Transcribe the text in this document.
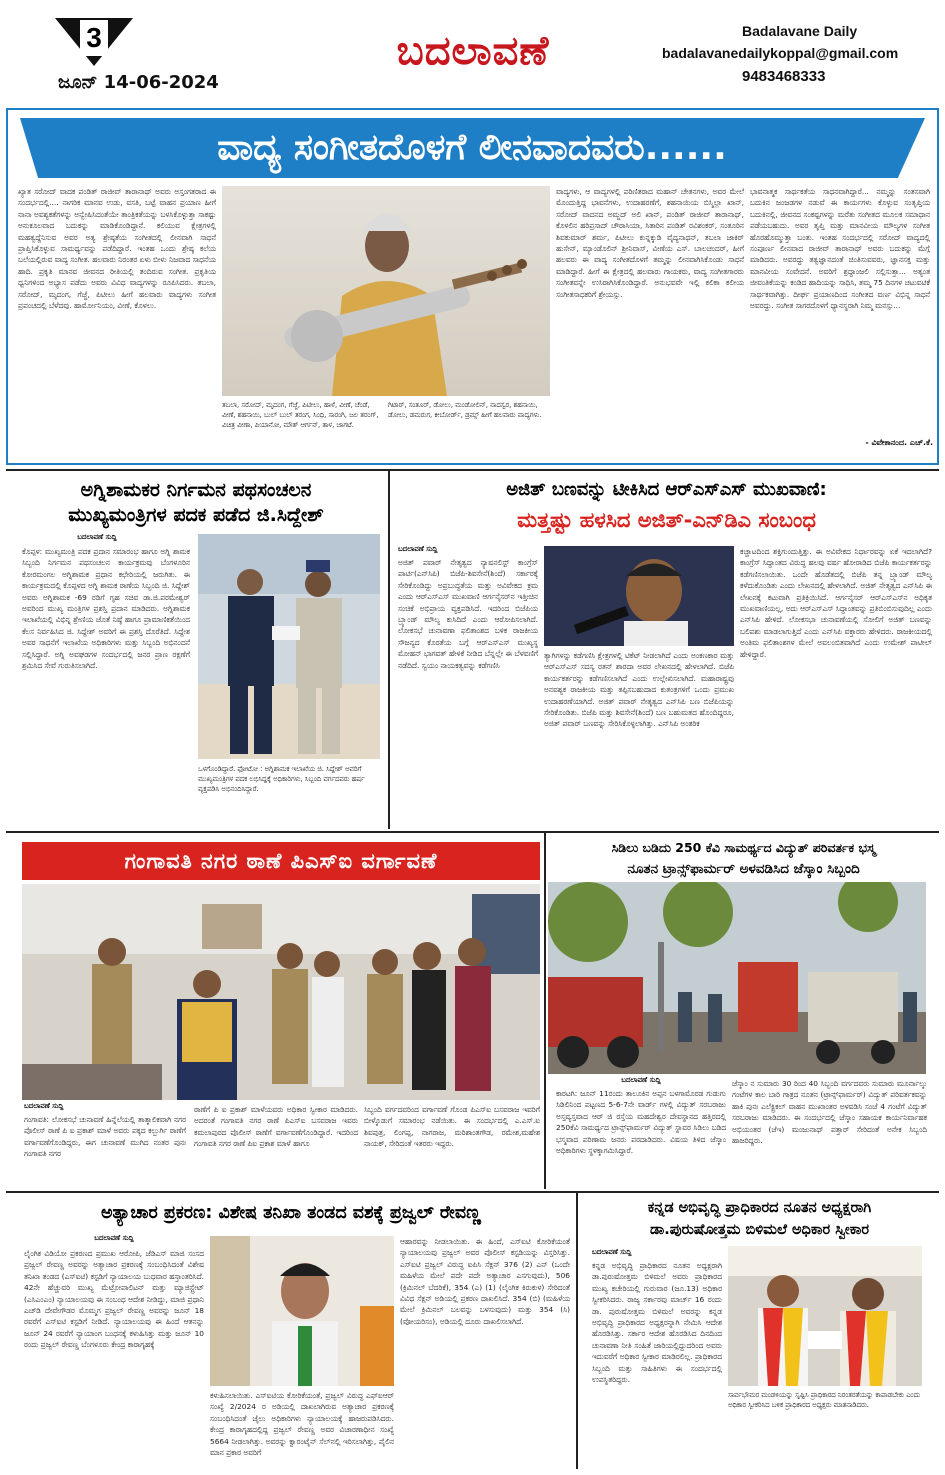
3
ಜೂನ್ 14-06-2024
ಬದಲಾವಣೆ	Badalavane Daily
badalavanedailykoppal@gmail.com
9483468333
ವಾದ್ಯ ಸಂಗೀತದೊಳಗೆ ಲೀನವಾದವರು......
ಖ್ಯಾತ ಸರೋದ್ ವಾದಕ ಪಂಡಿತ್ ರಾಜೀವ್ ತಾರಾನಾಥ್ ಅವರು ಅಸ್ತಂಗತರಾದ ಈ ಸಂದರ್ಭದಲ್ಲಿ.... ನಾಗರಿಕ ಮಾನವ ಉಡು, ವಸತಿ, ಬಟ್ಟೆ ವಾಹನ ಪ್ರಯಾಣ ಹೀಗೆ ನಾನಾ ಅವಶ್ಯಕತೆಗಳನ್ನು ಅನ್ವೇಷಿಸಿದಂತೆಯೇ ತಾಂತ್ರಿಕತೆಯನ್ನು ಬಳಸಿಕೊಳ್ಳುತ್ತಾ ಸಾಕಷ್ಟು ಅನುಕೂಲವಾದ ಬದುಕನ್ನು ಮಾಡಿಕೊಂಡಿದ್ದಾನೆ. ಕಲಿಯುವ ಕ್ಷೇತ್ರಗಳಲ್ಲಿ ಮಹತ್ವದ್ದೆನಿಸುವ ಅವರ ಅತ್ಯ ಶ್ರೇಷ್ಠತೆಯ ಸಂಗೀತದಲ್ಲಿ ಲೀನವಾಗಿ ಸಾಧನೆ ಪ್ರಾಪ್ತಿಸಿಕೊಳ್ಳುವ ಸಾಮರ್ಥ್ಯವನ್ನು ಪಡೆದಿದ್ದಾರೆ. ಇಂತಹ ಒಂದು ಶ್ರೇಷ್ಠ ಕಲೆಯ ಬಲೆಯಲ್ಲಿರುವ ವಾದ್ಯ ಸಂಗೀತ. ಹಲವಾರು ನಿರಂತರ ಏಳು ಬೀಳು ನಿಜವಾದ ಸಾಧನೆಯ ಹಾದಿ. ಪ್ರಕೃತಿ ಮಾನವ ಜೀವನದ ರೀತಿಯಲ್ಲಿ ತಂದಿರುವ ಸಂಗೀತ. ಪ್ರಕೃತಿಯ ಧ್ವನಿಗಳಿಂದ ಅಭ್ಯಾಸ ಪಡೆದು ಅವರು ವಿವಿಧ ವಾದ್ಯಗಳನ್ನು ರೂಪಿಸಿದರು. ತಬಲಾ, ಸರೋದ್, ಮೃದಂಗ, ಗೆಜ್ಜೆ, ಪಿಟೀಲು ಹೀಗೆ ಹಲವಾರು ವಾದ್ಯಗಳು ಸಂಗೀತ ಪ್ರಪಂಚದಲ್ಲಿ ಬೆಳೆದವು. ಹಾರ್ಮೋನಿಯಂ, ವೀಣೆ, ಕೊಳಲು.
ತಬಲಾ, ಸರೋದ್, ಮೃದಂಗ, ಗೆಜ್ಜೆ, ಪಿಟೀಲು, ಹಾಳೆ, ವೀಣೆ, ಚೆಂಡೆ, ವೀಣೆ, ಶಹನಾಯಿ, ಬುಲ್ ಬುಲ್ ತರಂಗ, ಸಿಂಧಿ, ಸಾರಂಗಿ, ಜಲ ತರಂಗ್, ವಿಚಿತ್ರ ವೀಣಾ, ಪಿಯಾನೋ, ಮೌತ್ ಆರ್ಗನ್, ತಾಳ, ಜಾಗಟೆ.
ಗಿಟಾರ್, ಸಂತೂರ್, ಡೋಲು, ಮಂಡೋಲಿನ್, ನಾದಸ್ವರ, ಶಹನಾಯಿ, ಡೋಲು, ಡಮರುಗ, ಕೀಬೋರ್ಡ್, ಡ್ರಮ್ಸ್ ಹೀಗೆ ಹಲವಾರು ವಾದ್ಯಗಳು.
ವಾದ್ಯಗಳು, ಆ ವಾದ್ಯಗಳಲ್ಲಿ ಪರಿಣಿತರಾದ ಮಹಾನ್ ಚೇತನಗಳು, ಅವರ ಮೇಲೆ ಮೊಂದುತ್ತಿದ್ದ ಭಾವನೆಗಳು, ಉದಾಹರಣೆಗೆ, ಶಹನಾಯಿಯ ಬಿಸ್ಮಿಲ್ಲಾ ಖಾನ್, ಸರೋದ್ ವಾದನದ ಅಮ್ಜದ್ ಅಲಿ ಖಾನ್, ಪಂಡಿತ್ ರಾಜೀವ್ ತಾರಾನಾಥ್, ಕೊಳಲಿನ ಹರಿಪ್ರಸಾದ್ ಚೌರಾಸಿಯಾ, ಸಿತಾರಿನ ಪಂಡಿತ್ ರವಿಶಂಕರ್, ಸಂತೂರಿನ ಶಿವಕುಮಾರ್ ಶರ್ಮ, ಪಿಟೀಲು ಕುನ್ನಕ್ಕುಡಿ ವೈದ್ಯನಾಥನ್, ತಬಲಾ ಜಾಕಿರ್ ಹುಸೇನ್, ಮ್ಯಾಂಡೊಲಿನ್ ಶ್ರೀನಿವಾಸ್, ವೀಣೆಯ ಎಸ್. ಬಾಲಚಂದರ್, ಹೀಗೆ ಹಲವರು ಈ ವಾದ್ಯ ಸಂಗೀತದೊಳಗೆ ತಮ್ಮನ್ನು ಲೀನವಾಗಿಸಿಕೊಂಡು ಸಾಧನೆ ಮಾಡಿದ್ದಾರೆ. ಹೀಗೆ ಈ ಕ್ಷೇತ್ರದಲ್ಲಿ ಹಲವಾರು ಗಾಯಕರು, ವಾದ್ಯ ಸಂಗೀತಗಾರರು ಸಂಗೀತವನ್ನೇ ಉಸಿರಾಗಿಸಿಕೊಂಡಿದ್ದಾರೆ. ಅನುಭವವೇ ಇಲ್ಲಿ ಕಲಿಕಾ ಕಲೀಯ ಸಂಗೀತಸಾಧಕರಿಗೆ ಶ್ರೇಯಸ್ಸು.
ಭಾವನಾತ್ಮಕ ಸಾರ್ಥಕತೆಯ ಸಾಧನವಾಗಿದ್ದಾರೆ... ನಮ್ಮನ್ನು ಸಂತಸವಾಗಿ ಬದುಕಿನ ಜಂಜಡಗಳ ನಡುವೆ ಈ ಕಾರ್ಯಗಳು ಕೊಳ್ಳುವ ಸಂತೃಪ್ತಿಯ ಬದುಕಿನಲ್ಲಿ, ಜೀವನದ ಸಂಕಷ್ಟಗಳನ್ನು ಮರೆತು ಸಂಗೀತದ ಮೂಲಕ ಸಮಾಧಾನ ಪಡೆಯಬಹುದು. ಅವರ ತೃಪ್ತಿ ಮತ್ತು ಮಾನವೀಯ ಮೌಲ್ಯಗಳ ಸಂಗೀತ ಹೊರಹೊಮ್ಮುತ್ತಾ ಬಂತು. ಇಂತಹ ಸಂದರ್ಭದಲ್ಲಿ ಸರೋದ್ ವಾದ್ಯದಲ್ಲಿ ಸಂಪೂರ್ಣ ಲೀನವಾದ ರಾಜೀವ್ ತಾರಾನಾಥ್ ಅವರು ಬದುಕನ್ನು ಮೆಗ್ಗೆ ಮಾಡಿದರು. ಅವರದ್ದು ತತ್ವಜ್ಞಾನದಂತೆ ಚಿಂತಿಸುವವರು, ಜ್ಞಾನಸಕ್ತ ಮತ್ತು ಮಾನವೀಯ ಸಂವೇದನೆ. ಅವರಿಗೆ ಶ್ರದ್ಧಾಂಜಲಿ ಸಲ್ಲಿಸುತ್ತಾ... ಅತ್ಯಂತ ಜೀವಂತಿಕೆಯನ್ನು ಕಂಡಿದ ಹಾದಿಯನ್ನು ಸಾಧಿಸಿ, ತಮ್ಮ 75 ದಿನಗಳ ಚಟುವಟಿಕೆ ಸಾರ್ಥಕವಾಗಿತ್ತು. ದೀರ್ಘ ಪ್ರಯಾಣದಿಂದ ಸಂಗೀತದ ವರ್ಣ ವಿಭಿನ್ನ ಸಾಧನೆ ಅವರದ್ದು. ಸಂಗೀತ ಸಾಗರದೊಳಗೆ ಧ್ಯಾನಸ್ಥರಾಗಿ ನಿಮ್ಮ ಮನಸ್ಸು...
- ವಿವೇಕಾನಂದ. ಎಚ್.ಕೆ.
ಅಗ್ನಿಶಾಮಕರ ನಿರ್ಗಮನ ಪಥಸಂಚಲನ
ಮುಖ್ಯಮಂತ್ರಿಗಳ ಪದಕ ಪಡೆದ ಜಿ.ಸಿದ್ದೇಶ್
ಬದಲಾವಣೆ ಸುದ್ದಿ
ಕೊಪ್ಪಳ: ಮುಖ್ಯಮಂತ್ರಿ ಪದಕ ಪ್ರದಾನ ಸಮಾರಂಭ ಹಾಗೂ ಅಗ್ನಿ ಶಾಮಕ ಸಿಬ್ಬಂದಿ ನಿರ್ಗಮನ ಪಥಸಂಚಲನ ಕಾರ್ಯಕ್ರಮವು ಬೆಂಗಳೂರಿನ ಕೋರಮಂಗಲ ಅಗ್ನಿಶಾಮಕ ಪ್ರಧಾನ ಕಛೇರಿಯಲ್ಲಿ ಜರುಗಿತು. ಈ ಕಾರ್ಯಕ್ರಮದಲ್ಲಿ ಕೊಪ್ಪಳದ ಅಗ್ನಿ ಶಾಮಕ ಠಾಣೆಯ ಸಿಬ್ಬಂದಿ ಜಿ. ಸಿದ್ದೇಶ್ ಅವರು ಅಗ್ನಿಶಾಮಕ -69 ರಡಿಗೆ ಗೃಹ ಸಚಿವ ಡಾ.ಜಿ.ಪರಮೇಶ್ವರ್ ಅವರಿಂದ ಮುಖ್ಯ ಮಂತ್ರಿಗಳ ಪ್ರಶಸ್ತಿ ಪ್ರದಾನ ಮಾಡಿದರು. ಅಗ್ನಿಶಾಮಕ ಇಲಾಖೆಯಲ್ಲಿ ವಿಭಿನ್ನ ಶ್ರೇಣಿಯ ಜೊತೆ ನಿಷ್ಠೆ ಹಾಗೂ ಪ್ರಾಮಾಣಿಕತೆಯಿಂದ ಕೆಲಸ ನಿರ್ವಹಿಸಿದ ಜಿ. ಸಿದ್ದೇಶ್ ಅವರಿಗೆ ಈ ಪ್ರಶಸ್ತಿ ದೊರೆತಿದೆ. ಸಿದ್ದೇಶ ಅವರ ಸಾಧನೆಗೆ ಇಲಾಖೆಯ ಅಧಿಕಾರಿಗಳು ಮತ್ತು ಸಿಬ್ಬಂದಿ ಅಭಿನಂದನೆ ಸಲ್ಲಿಸಿದ್ದಾರೆ. ಅಗ್ನಿ ಅವಘಡಗಳ ಸಂದರ್ಭದಲ್ಲಿ ಜನರ ಪ್ರಾಣ ರಕ್ಷಣೆಗೆ ಶ್ರಮಿಸಿದ ಸೇವೆ ಗುರುತಿಸಲಾಗಿದೆ.
ಒಳಗೊಂಡಿದ್ದಾರೆ. ಫೋಟೋ : ಅಗ್ನಿಶಾಮಕ ಇಲಾಖೆಯ ಜಿ. ಸಿದ್ದೇಶ್ ಅವರಿಗೆ ಮುಖ್ಯಮಂತ್ರಿಗಳ ಪದಕ ಲಭಿಸಿದ್ದಕ್ಕೆ ಅಧಿಕಾರಿಗಳು, ಸಿಬ್ಬಂದಿ ವರ್ಗದವರು ಹರ್ಷ ವ್ಯಕ್ತಪಡಿಸಿ ಅಭಿನಂದಿಸಿದ್ದಾರೆ.
ಅಜಿತ್ ಬಣವನ್ನು ಟೀಕಿಸಿದ ಆರ್‌ಎಸ್‌ಎಸ್ ಮುಖವಾಣಿ:
ಮತ್ತಷ್ಟು ಹಳಸಿದ ಅಜಿತ್-ಎನ್‌ಡಿಎ ಸಂಬಂಧ
ಬದಲಾವಣೆ ಸುದ್ದಿ
ಅಜಿತ್ ಪವಾರ್ ನೇತೃತ್ವದ ನ್ಯಾಷನಲಿಸ್ಟ್ ಕಾಂಗ್ರೆಸ್ ಪಾರ್ಟಿ(ಎನ್‌ಸಿಪಿ) ಬಿಜೆಪಿ-ಶಿವಸೇನೆ(ಶಿಂದೆ) ಸರ್ಕಾರಕ್ಕೆ ಸೇರಿಕೊಂಡಿದ್ದು ಅಪ್ರಬುದ್ಧತೆಯ ಮತ್ತು ಅವಿವೇಕದ ಕ್ರಮ ಎಂದು ಆರ್‌ಎಸ್‌ಎಸ್ ಮುಖವಾಣಿ ಆರ್ಗನೈಸರ್‌ನ ಇತ್ತೀಚಿನ ಸಂಚಿಕೆ ಅಭಿಪ್ರಾಯ ವ್ಯಕ್ತಪಡಿಸಿದೆ. ಇದರಿಂದ ಬಿಜೆಪಿಯ ಬ್ರ್ಯಾಂಡ್ ಮೌಲ್ಯ ಕುಸಿದಿದೆ ಎಂದು ಆರೋಪಿಸಲಾಗಿದೆ. ಲೋಕಸಭೆ ಚುನಾವಣಾ ಫಲಿತಾಂಶದ ಬಳಿಕ ರಾಜಕೀಯ ಸೌಜನ್ಯದ ಕೊರತೆಯ ಬಗ್ಗೆ ಆರ್‌ಎಸ್‌ಎಸ್ ಮುಖ್ಯಸ್ಥ ಮೋಹನ್ ಭಾಗವತ್ ಹೇಳಿಕೆ ನೀಡಿದ ಬೆನ್ನಲ್ಲೇ ಈ ಬೆಳವಣಿಗೆ ನಡೆದಿದೆ. ಸ್ವಯಂ ನಾಯಕತ್ವವನ್ನು ಕಡೆಗಣಿಸಿ
ತ್ಯಾಗಿಗಳನ್ನು ಕಡೆಗಣಿಸಿ ಕ್ಷೇತ್ರಗಳಲ್ಲಿ ಟಿಕೆಟ್ ನೀಡಲಾಗಿದೆ ಎಂದು ಅಂಕಣಕಾರ ಮತ್ತು ಆರ್‌ಎಸ್‌ಎಸ್ ಸದಸ್ಯ ರತನ್ ಶಾರದಾ ಅವರ ಲೇಖನದಲ್ಲಿ ಹೇಳಲಾಗಿದೆ. ಬಿಜೆಪಿ ಕಾರ್ಯಕರ್ತರನ್ನು ಕಡೆಗಣಿಸಲಾಗಿದೆ ಎಂದು ಉಲ್ಲೇಖಿಸಲಾಗಿದೆ. ಮಹಾರಾಷ್ಟ್ರವು ಅನವಶ್ಯಕ ರಾಜಕೀಯ ಮತ್ತು ತಪ್ಪಿಸಬಹುದಾದ ಕುತಂತ್ರಗಳಿಗೆ ಒಂದು ಪ್ರಮುಖ ಉದಾಹರಣೆಯಾಗಿದೆ. ಅಜಿತ್ ಪವಾರ್ ನೇತೃತ್ವದ ಎನ್‌ಸಿಪಿ ಬಣ ಬಿಜೆಪಿಯನ್ನು ಸೇರಿಕೊಂಡಿತು. ಬಿಜೆಪಿ ಮತ್ತು ಶಿವಸೇನೆ(ಶಿಂದೆ) ಬಣ ಬಹುಮತದ ಹೊಂದಿದ್ದರೂ, ಅಜಿತ್ ಪವಾರ್ ಬಣವನ್ನು ಸೇರಿಸಿಕೊಳ್ಳಲಾಗಿತ್ತು. ಎನ್‌ಸಿಪಿ ಅಂತರಿಕ
ಕಚ್ಚಾಟದಿಂದ ಶಕ್ತಿಗುಂದುತ್ತಿತ್ತು. ಈ ಅವಿವೇಕದ ನಿರ್ಧಾರವನ್ನು ಏಕೆ ಇದಲಾಗಿದೆ? ಕಾಂಗ್ರೆಸ್ ಸಿದ್ಧಾಂತದ ವಿರುದ್ಧ ಹಲವು ವರ್ಷ ಹೋರಾಡಿದ ಬಿಜೆಪಿ ಕಾರ್ಯಕರ್ತರನ್ನು ಕಡೆಗಣಿಸಲಾಯಿತು. ಒಂದೇ ಹೊಡೆತದಲ್ಲಿ ಬಿಜೆಪಿ ತನ್ನ ಬ್ರ್ಯಾಂಡ್ ಮೌಲ್ಯ ಕಳೆದುಕೊಂಡಿತು ಎಂದು ಲೇಖನದಲ್ಲಿ ಹೇಳಲಾಗಿದೆ. ಅಜಿತ್ ನೇತೃತ್ವದ ಎನ್‌ಸಿಪಿ ಈ ಲೇಖನಕ್ಕೆ ಕಟುವಾಗಿ ಪ್ರತಿಕ್ರಿಯಿಸಿದೆ. ಆರ್ಗನೈಸರ್ ಆರ್‌ಎಸ್‌ಎಸ್‌ನ ಅಧಿಕೃತ ಮುಖವಾಣಿಯಲ್ಲ, ಅದು ಆರ್‌ಎಸ್‌ಎಸ್ ಸಿದ್ಧಾಂತವನ್ನು ಪ್ರತಿಬಿಂಬಿಸುವುದಿಲ್ಲ ಎಂದು ಎನ್‌ಸಿಪಿ ಹೇಳಿದೆ. ಲೋಕಸಭಾ ಚುನಾವಣೆಯಲ್ಲಿ ಸೋಲಿಗೆ ಅಜಿತ್ ಬಣವನ್ನು ಬಲಿಪಶು ಮಾಡಲಾಗುತ್ತಿದೆ ಎಂದು ಎನ್‌ಸಿಪಿ ವಕ್ತಾರರು ಹೇಳಿದರು. ರಾಜಕೀಯದಲ್ಲಿ ಅಂತಿಮ ಫಲಿತಾಂಶಗಳ ಮೇಲೆ ಅವಲಂಬಿತವಾಗಿದೆ ಎಂದು ಉಮೇಶ್ ಪಾಟೀಲ್ ಹೇಳಿದ್ದಾರೆ.
ಗಂಗಾವತಿ ನಗರ ಠಾಣೆ ಪಿಎಸ್‌ಐ ವರ್ಗಾವಣೆ
ಬದಲಾವಣೆ ಸುದ್ದಿ
ಗಂಗಾವತಿ: ಲೋಕಸಭೆ ಚುನಾವಣೆ ಹಿನ್ನೆಲೆಯಲ್ಲಿ ತಾತ್ಕಾಲಿಕವಾಗಿ ನಗರ ಪೊಲೀಸ್ ಠಾಣೆ ಪಿ ಐ ಪ್ರಕಾಶ್ ಮಾಳೆ ಅವರು ಪಕ್ಕದ ಕಲ್ಬುರ್ಗಿ ಠಾಣೆಗೆ ವರ್ಗಾವಣೆಗೊಂಡಿದ್ದರು, ಈಗ ಚುನಾವಣೆ ಮುಗಿದ ನಂತರ ಪುನಃ ಗಂಗಾವತಿ ನಗರ
ಠಾಣೆಗೆ ಪಿ ಐ ಪ್ರಕಾಶ್ ಮಾಳೆಯವರು ಅಧಿಕಾರ ಸ್ವೀಕಾರ ಮಾಡಿದರು. ಅದರಂತೆ ಗಂಗಾವತಿ ನಗರ ಠಾಣೆ ಪಿಎಸ್‌ಐ ಬಸವರಾಜ ಇವರು ಕಮಲಾಪುರದ ಪೊಲೀಸ್ ಠಾಣೆಗೆ ವರ್ಗಾವಣೆಗೊಂಡಿದ್ದಾರೆ. ಇದರಿಂದ ಗಂಗಾವತಿ ನಗರ ಠಾಣೆ ಪಿಐ ಪ್ರಕಾಶ ಮಾಳೆ ಹಾಗೂ
ಸಿಬ್ಬಂದಿ ವರ್ಗದವರಿಂದ ವರ್ಗಾವಣೆ ಗೊಂಡ ಪಿಎಸ್‌ಐ ಬಸವರಾಜ ಇವರಿಗೆ ಬೀಳ್ಕೊಡುಗೆ ಸಮಾರಂಭ ನಡೆಯಿತು. ಈ ಸಂದರ್ಭದಲ್ಲಿ ಎ.ಎಸ್.ಐ ಶಿವಪುತ್ರ, ಲಿಂಗಪ್ಪ, ನಾಗರಾಜ, ಮರಿಶಾಂತಗೌಡ, ರಮೇಶ,ಮಹೇಶ ನಾಯಕ್, ಸೇರಿದಂತೆ ಇತರರು ಇದ್ದರು.
ಸಿಡಿಲು ಬಡಿದು 250 ಕೆವಿ ಸಾಮರ್ಥ್ಯದ ವಿದ್ಯುತ್ ಪರಿವರ್ತಕ ಭಸ್ಮ
ನೂತನ ಟ್ರಾನ್ಸ್‌ಫಾರ್ಮರ್ ಅಳವಡಿಸಿದ ಜೆಸ್ಕಾಂ ಸಿಬ್ಬಂದಿ
ಬದಲಾವಣೆ ಸುದ್ದಿ
ಕಾರಟಗಿ: ಜೂನ್ 11ರಂದು ತಾಲೂಕಿನ ಅಪ್ಪನ ಬಳಗಾಮೊರಡ ಗುಡುಗು ಸಿಡಿಲಿನಿಂದ ಪಟ್ಟಣದ 5-6-7ನೇ ವಾರ್ಡ್ ಗಳಲ್ಲಿ ವಿದ್ಯುತ್ ಸರಬರಾಜು ಅಸ್ತವ್ಯಸ್ತವಾದ ಆರ್ ಜಿ ರಸ್ತೆಯ ಮಹದೇಶ್ವರ ದೇವಸ್ಥಾನದ ಹತ್ತಿರದಲ್ಲಿ 250ಕೆವಿ ಸಾಮರ್ಥ್ಯದ ಟ್ರಾನ್ಸ್‌ಫಾರ್ಮರ್ ವಿದ್ಯುತ್ ಸ್ಥಾವರ ಸಿಡಿಲು ಬಡಿದ ಭಸ್ಮವಾದ ಪರಿಣಾಮ ಜನರು ಪರದಾಡಿದರು. ವಿಷಯ ತಿಳಿದ ಜೆಸ್ಕಾಂ ಅಧಿಕಾರಿಗಳು ಸ್ಥಳಕ್ಕಾಗಮಿಸಿದ್ದಾರೆ.
ಜೆಸ್ಕಾಂ ನ ಸುಮಾರು 30 ರಿಂದ 40 ಸಿಬ್ಬಂದಿ ವರ್ಗದವರು ಸುಮಾರು ಮೂರ್ನಾಲ್ಕು ಗಂಟೆಗಳ ಕಾಲ ಬಾರಿ ಗಾತ್ರದ ನೂತನ (ಟ್ರಾನ್ಸ್‌ಫಾರ್ಮರ್) ವಿದ್ಯುತ್ ಪರಿವರ್ತಕವನ್ನು ಹಾಕಿ ಪುನಃ ಎಲೆಕ್ಟ್ರಿಕಲ್ ವಾಹನ ಮುಖಾಂತರ ಅಳವಡಿಸಿ ಸಂಜೆ 4 ಗಂಟೆಗೆ ವಿದ್ಯುತ್ ಸರಬರಾಜು ಮಾಡಿದರು. ಈ ಸಂದರ್ಭದಲ್ಲಿ ಜೆಸ್ಕಾಂ ಸಹಾಯಕ ಕಾರ್ಯನಿರ್ವಾಹಕ ಅಭಿಯಂತರ (ಜೆಇ) ಮಂಜುನಾಥ್ ಪತ್ತಾರ್ ಸೇರಿದಂತೆ ಅನೇಕ ಸಿಬ್ಬಂದಿ ಹಾಜರಿದ್ದರು.
ಅತ್ಯಾಚಾರ ಪ್ರಕರಣ: ವಿಶೇಷ ತನಿಖಾ ತಂಡದ ವಶಕ್ಕೆ ಪ್ರಜ್ವಲ್ ರೇವಣ್ಣ
ಬದಲಾವಣೆ ಸುದ್ದಿ
ಲೈಂಗಿಕ ವಿಡಿಯೋ ಪ್ರಕರಣದ ಪ್ರಮುಖ ಆರೋಪಿ, ಜೆಡಿಎಸ್ ಮಾಜಿ ಸಂಸದ ಪ್ರಜ್ವಲ್ ರೇವಣ್ಣ ಅವರನ್ನು ಅತ್ಯಾಚಾರ ಪ್ರಕರಣಕ್ಕೆ ಸಂಬಂಧಿಸಿದಂತೆ ವಿಶೇಷ ತನಿಖಾ ತಂಡದ (ಎಸ್‌ಐಟಿ) ಕಸ್ಟಡಿಗೆ ನ್ಯಾಯಾಲಯ ಬುಧವಾರ ಹಸ್ತಾಂತರಿಸಿದೆ. 42ನೇ ಹೆಚ್ಚುವರಿ ಮುಖ್ಯ ಮೆಟ್ರೋಪಾಲಿಟನ್ ಮತ್ತು ಮ್ಯಾಜಿಸ್ಟ್ರೇಟ್ (ಎಸಿಎಂಎಂ) ನ್ಯಾಯಾಲಯವು ಈ ಸಂಬಂಧ ಆದೇಶ ನೀಡಿದ್ದು, ಮಾಜಿ ಪ್ರಧಾನಿ ಎಚ್‌ಡಿ ದೇವೇಗೌಡರ ಮೊಮ್ಮಗ ಪ್ರಜ್ವಲ್ ರೇವಣ್ಣ ಅವರನ್ನು ಜೂನ್ 18 ರವರೆಗೆ ಎಸ್‌ಐಟಿ ಕಸ್ಟಡಿಗೆ ನೀಡಿದೆ. ನ್ಯಾಯಾಲಯವು ಈ ಹಿಂದೆ ಆತನನ್ನು ಜೂನ್ 24 ರವರೆಗೆ ನ್ಯಾಯಾಂಗ ಬಂಧನಕ್ಕೆ ಕಳುಹಿಸಿತ್ತು ಮತ್ತು ಜೂನ್ 10 ರಂದು ಪ್ರಜ್ವಲ್ ರೇವಣ್ಣ ಬೆಂಗಳೂರು ಕೇಂದ್ರ ಕಾರಾಗೃಹಕ್ಕೆ
ಕಳುಹಿಸಲಾಯಿತು. ಎಸ್‌ಐಟಿಯ ಕೋರಿಕೆಯಂತೆ, ಪ್ರಜ್ವಲ್ ವಿರುದ್ಧ ಎಫ್‌ಐಆರ್ ಸಂಖ್ಯೆ 2/2024 ರ ಅಡಿಯಲ್ಲಿ ದಾಖಲಾಗಿರುವ ಅತ್ಯಾಚಾರ ಪ್ರಕರಣಕ್ಕೆ ಸಂಬಂಧಿಸಿದಂತೆ ಜೈಲು ಅಧಿಕಾರಿಗಳು ನ್ಯಾಯಾಲಯಕ್ಕೆ ಹಾಜರುಪಡಿಸಿದರು. ಕೇಂದ್ರ ಕಾರಾಗೃಹದಲ್ಲಿದ್ದ ಪ್ರಜ್ವಲ್ ರೇವಣ್ಣ ಅವರ ವಿಚಾರಣಾಧೀನ ಸಂಖ್ಯೆ 5664 ನೀಡಲಾಗಿತ್ತು. ಅವರನ್ನು ಕ್ವಾರಂಟೈನ್ ಸೆಲ್‌ನಲ್ಲಿ ಇರಿಸಲಾಗಿತ್ತು, ಪೈಲಿನ ಮಾನ ಪ್ರಕಾರ ಅವರಿಗೆ
ಆಹಾರವನ್ನು ನೀಡಲಾಯಿತು. ಈ ಹಿಂದೆ, ಎಸ್‌ಐಟಿ ಕೋರಿಕೆಯಂತೆ ನ್ಯಾಯಾಲಯವು ಪ್ರಜ್ವಲ್‌ ಅವರ ಪೊಲೀಸ್ ಕಸ್ಟಡಿಯನ್ನು ವಿಸ್ತರಿಸಿತ್ತು. ಎಸ್‌ಐಟಿ ಪ್ರಜ್ವಲ್ ವಿರುದ್ಧ ಐಪಿಸಿ ಸೆಕ್ಷನ್ 376 (2) ಎನ್ (ಒಂದೇ ಮಹಿಳೆಯ ಮೇಲೆ ಪದೇ ಪದೇ ಅತ್ಯಾಚಾರ ಎಸಗುವುದು), 506 (ಕ್ರಿಮಿನಲ್ ಬೆದರಿಕೆ), 354 (ಎ) (1) (ಲೈಂಗಿಕ ಕಿರುಕುಳ) ಸೇರಿದಂತೆ ವಿವಿಧ ಸೆಕ್ಷನ್ ಅಡಿಯಲ್ಲಿ ಪ್ರಕರಣ ದಾಖಲಿಸಿದೆ. 354 (ಬಿ) (ಮಹಿಳೆಯ ಮೇಲೆ ಕ್ರಿಮಿನಲ್ ಬಲವನ್ನು ಬಳಸುವುದು) ಮತ್ತು 354 (ಸಿ) (ವೋಯರಿಸಂ), ಅಡಿಯಲ್ಲಿ ದೂರು ದಾಖಲಿಸಲಾಗಿದೆ.
ಕನ್ನಡ ಅಭಿವೃದ್ಧಿ ಪ್ರಾಧಿಕಾರದ ನೂತನ ಅಧ್ಯಕ್ಷರಾಗಿ
ಡಾ.ಪುರುಷೋತ್ತಮ ಬಿಳಿಮಲೆ ಅಧಿಕಾರ ಸ್ವೀಕಾರ
ಬದಲಾವಣೆ ಸುದ್ದಿ
ಕನ್ನಡ ಅಭಿವೃದ್ಧಿ ಪ್ರಾಧಿಕಾರದ ನೂತನ ಅಧ್ಯಕ್ಷರಾಗಿ ಡಾ.ಪುರುಷೋತ್ತಮ ಬಿಳಿಮಲೆ ಅವರು ಪ್ರಾಧಿಕಾರದ ಮುಖ್ಯ ಕಚೇರಿಯಲ್ಲಿ ಗುರುವಾರ (ಜೂ.13) ಅಧಿಕಾರ ಸ್ವೀಕರಿಸಿದರು. ರಾಜ್ಯ ಸರ್ಕಾರವು ಮಾರ್ಚ್ 16 ರಂದು ಡಾ. ಪುರುಷೋತ್ತಮ ಬಿಳಿಮಲೆ ಅವರನ್ನು ಕನ್ನಡ ಅಭಿವೃದ್ಧಿ ಪ್ರಾಧಿಕಾರದ ಅಧ್ಯಕ್ಷರನ್ನಾಗಿ ನೇಮಿಸಿ ಆದೇಶ ಹೊರಡಿಸಿತ್ತು. ಸರ್ಕಾರ ಆದೇಶ ಹೊರಡಿಸಿದ ದಿನದಿಂದ ಚುನಾವಣಾ ನೀತಿ ಸಂಹಿತೆ ಜಾರಿಯಲ್ಲಿದ್ದುದರಿಂದ ಅವರು ಇದುವರೆಗೆ ಅಧಿಕಾರ ಸ್ವೀಕಾರ ಮಾಡಿರಲಿಲ್ಲ. ಪ್ರಾಧಿಕಾರದ ಸಿಬ್ಬಂದಿ ಮತ್ತು ಸಾಹಿತಿಗಳು ಈ ಸಂದರ್ಭದಲ್ಲಿ ಉಪಸ್ಥಿತರಿದ್ದರು.
ಸಾರ್ವಭೌಮರ ಮಂಡಳಿಯನ್ನು ಸೃಷ್ಟಿಸಿ ಪ್ರಾಧಿಕಾರದ ನಿರಂತರತೆಯನ್ನು ಕಾಪಾಡಬೇಕು ಎಂದು ಅಧಿಕಾರ ಸ್ವೀಕರಿಸಿದ ಬಳಿಕ ಪ್ರಾಧಿಕಾರದ ಅಧ್ಯಕ್ಷರು ಮಾತನಾಡಿದರು.
